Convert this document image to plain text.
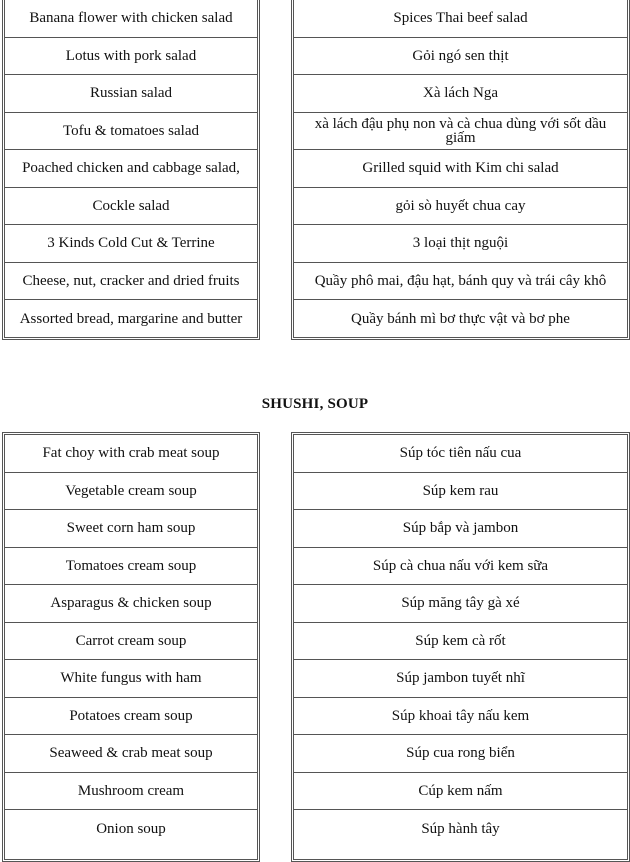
Banana flower with chicken salad
Lotus with pork salad
Russian salad
Tofu & tomatoes salad
Poached chicken and cabbage salad,
Cockle salad
3 Kinds Cold Cut & Terrine
Cheese, nut, cracker and dried fruits
Assorted bread, margarine and butter
Spices Thai beef salad
Gỏi ngó sen thịt
Xà lách Nga
xà lách đậu phụ non và cà chua dùng với sốt dầu giấm
Grilled squid with Kim chi salad
gỏi sò huyết chua cay
3 loại thịt nguội
Quầy phô mai, đậu hạt, bánh quy và trái cây khô
Quầy bánh mì bơ thực vật và bơ phe
SHUSHI, SOUP
Fat choy with crab meat soup
Vegetable cream soup
Sweet corn ham soup
Tomatoes cream soup
Asparagus & chicken soup
Carrot cream soup
White fungus with ham
Potatoes cream soup
Seaweed & crab meat soup
Mushroom cream
Onion soup
Súp tóc tiên nấu cua
Súp kem rau
Súp bắp và jambon
Súp cà chua nấu với kem sữa
Súp măng tây gà xé
Súp kem cà rốt
Súp jambon tuyết nhĩ
Súp khoai tây nấu kem
Súp cua rong biển
Cúp kem nấm
Súp hành tây
